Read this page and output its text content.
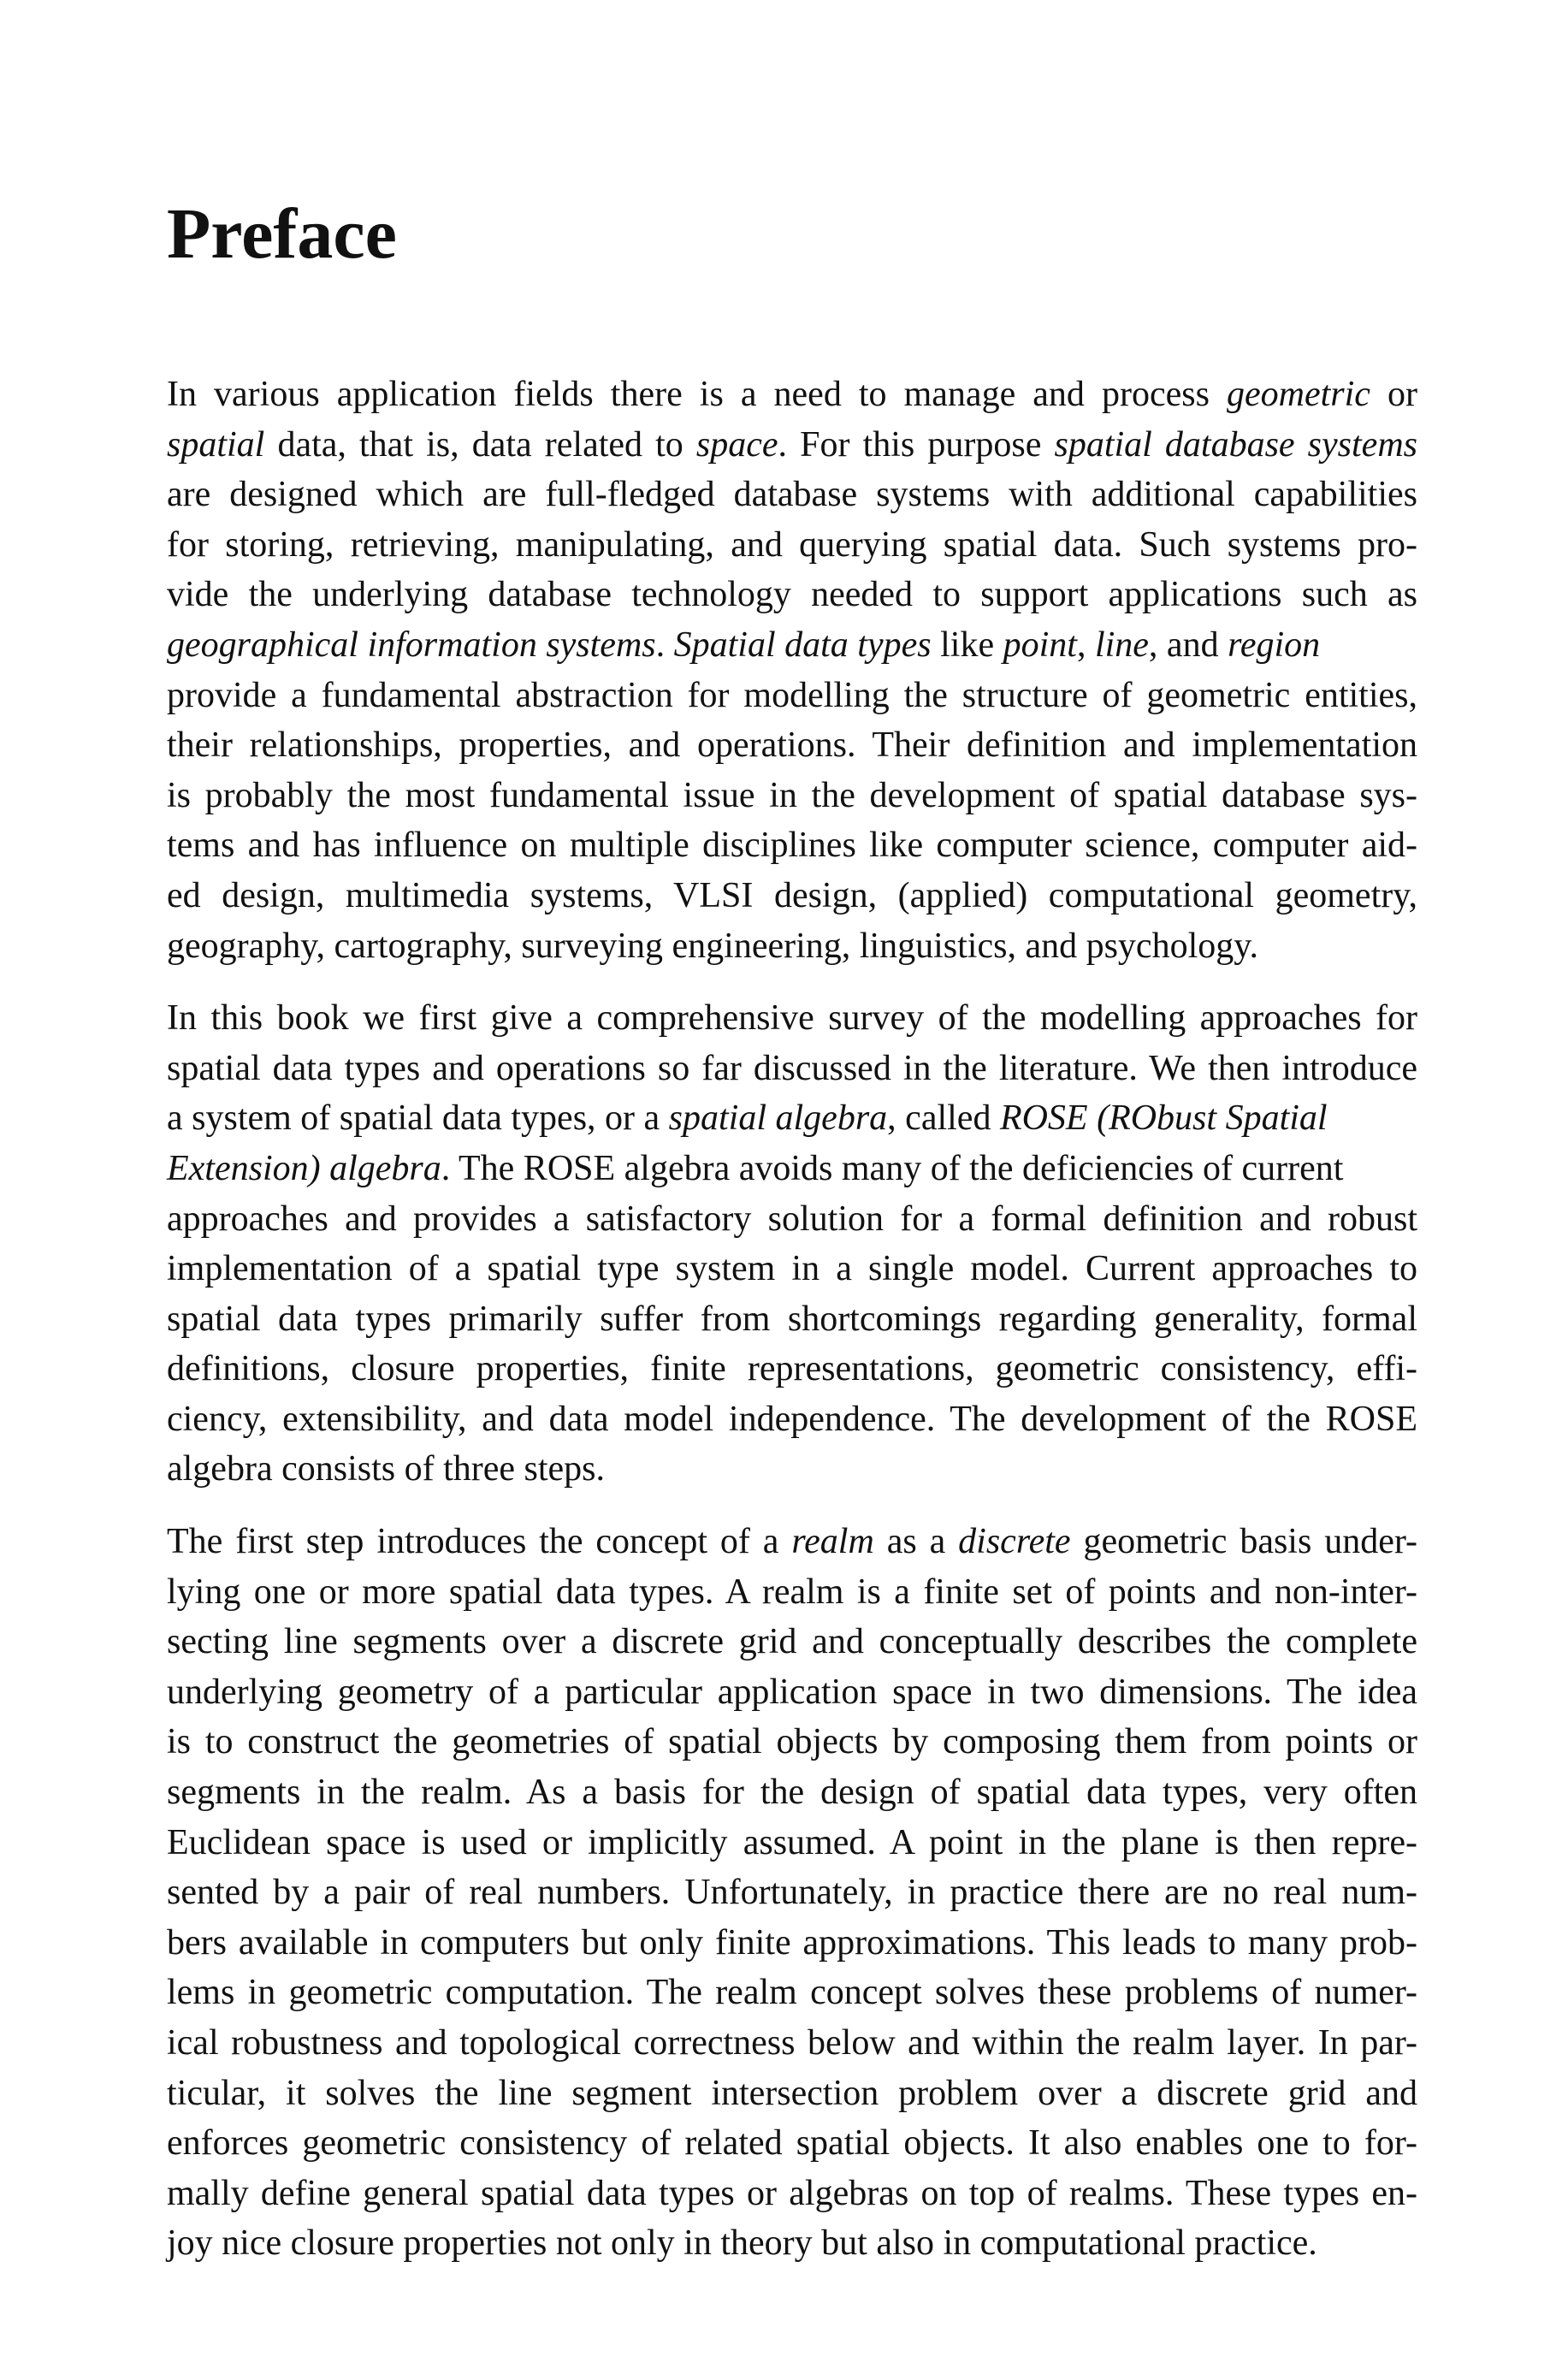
Preface
In various application fields there is a need to manage and process geometric or
spatial data, that is, data related to space. For this purpose spatial database systems
are designed which are full-fledged database systems with additional capabilities
for storing, retrieving, manipulating, and querying spatial data. Such systems pro-
vide the underlying database technology needed to support applications such as
geographical information systems. Spatial data types like point, line, and region
provide a fundamental abstraction for modelling the structure of geometric entities,
their relationships, properties, and operations. Their definition and implementation
is probably the most fundamental issue in the development of spatial database sys-
tems and has influence on multiple disciplines like computer science, computer aid-
ed design, multimedia systems, VLSI design, (applied) computational geometry,
geography, cartography, surveying engineering, linguistics, and psychology.
In this book we first give a comprehensive survey of the modelling approaches for
spatial data types and operations so far discussed in the literature. We then introduce
a system of spatial data types, or a spatial algebra, called ROSE (RObust Spatial
Extension) algebra. The ROSE algebra avoids many of the deficiencies of current
approaches and provides a satisfactory solution for a formal definition and robust
implementation of a spatial type system in a single model. Current approaches to
spatial data types primarily suffer from shortcomings regarding generality, formal
definitions, closure properties, finite representations, geometric consistency, effi-
ciency, extensibility, and data model independence. The development of the ROSE
algebra consists of three steps.
The first step introduces the concept of a realm as a discrete geometric basis under-
lying one or more spatial data types. A realm is a finite set of points and non-inter-
secting line segments over a discrete grid and conceptually describes the complete
underlying geometry of a particular application space in two dimensions. The idea
is to construct the geometries of spatial objects by composing them from points or
segments in the realm. As a basis for the design of spatial data types, very often
Euclidean space is used or implicitly assumed. A point in the plane is then repre-
sented by a pair of real numbers. Unfortunately, in practice there are no real num-
bers available in computers but only finite approximations. This leads to many prob-
lems in geometric computation. The realm concept solves these problems of numer-
ical robustness and topological correctness below and within the realm layer. In par-
ticular, it solves the line segment intersection problem over a discrete grid and
enforces geometric consistency of related spatial objects. It also enables one to for-
mally define general spatial data types or algebras on top of realms. These types en-
joy nice closure properties not only in theory but also in computational practice.
